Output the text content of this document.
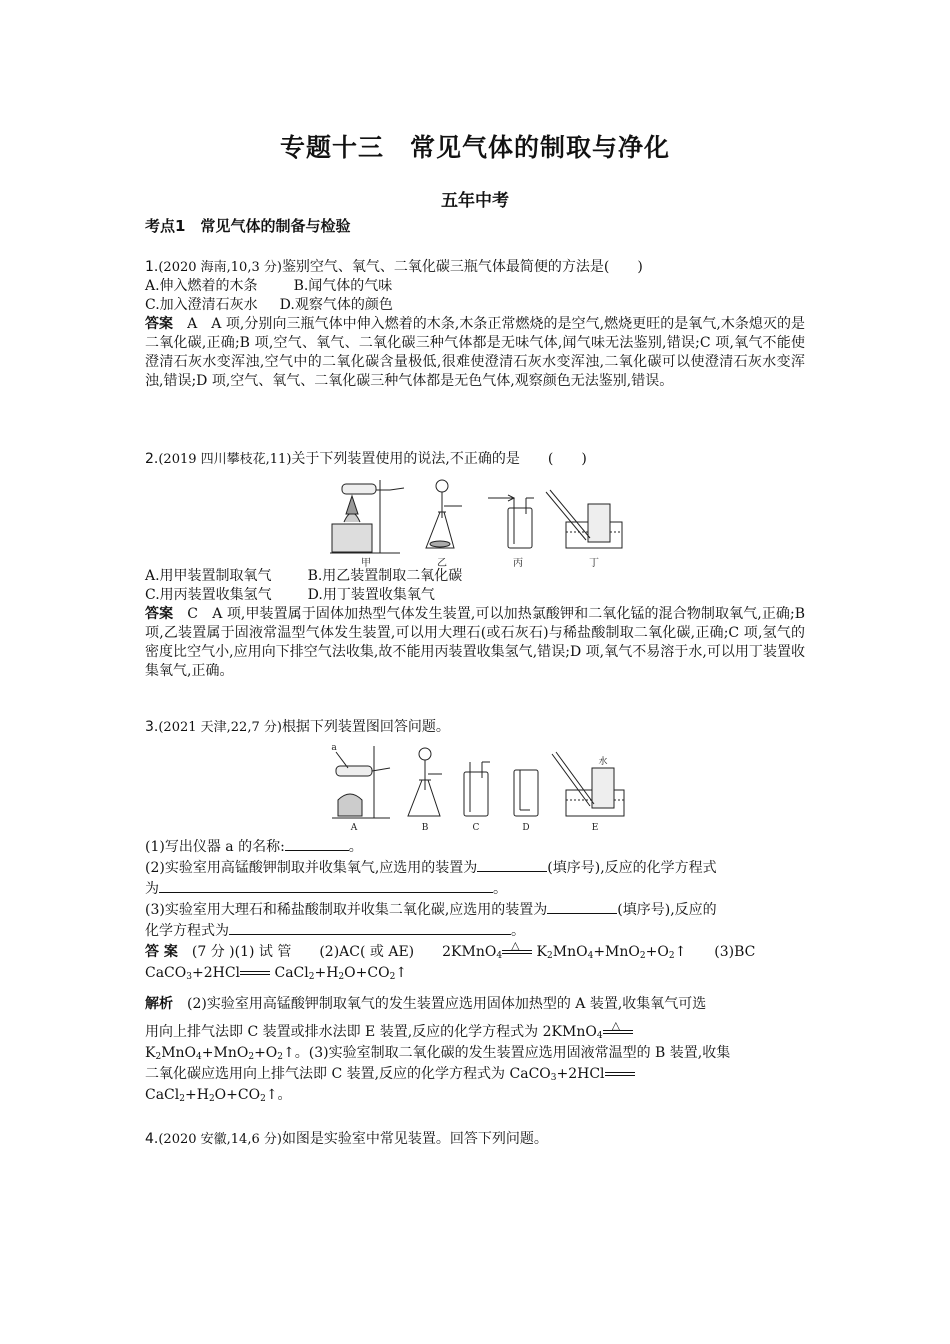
专题十三　常见气体的制取与净化
五年中考
考点1　常见气体的制备与检验

1.(2020 海南,10,3 分)鉴别空气、氧气、二氧化碳三瓶气体最简便的方法是(　　)

A.伸入燃着的木条	B.闻气体的气味

C.加入澄清石灰水 D.观察气体的颜色

答案　 A　 A 项,分别向三瓶气体中伸入燃着的木条,木条正常燃烧的是空气,燃烧更旺的是氧气,木条熄灭的是二氧化碳,正确;B 项,空气、氧气、二氧化碳三种气体都是无味气体,闻气味无法鉴别,错误;C 项,氧气不能使澄清石灰水变浑浊,空气中的二氧化碳含量极低,很难使澄清石灰水变浑浊,二氧化碳可以使澄清石灰水变浑浊,错误;D 项,空气、氧气、二氧化碳三种气体都是无色气体,观察颜色无法鉴别,错误。

2.(2019 四川攀枝花,11)关于下列装置使用的说法,不正确的是　　(　　)

甲	乙	丙	丁

A.用甲装置制取氧气	B.用乙装置制取二氧化碳

C.用丙装置收集氢气	D.用丁装置收集氧气

答案　 C　 A 项,甲装置属于固体加热型气体发生装置,可以加热氯酸钾和二氧化锰的混合物制取氧气,正确;B 项,乙装置属于固液常温型气体发生装置,可以用大理石(或石灰石)与稀盐酸制取二氧化碳,正确;C 项,氢气的密度比空气小,应用向下排空气法收集,故不能用丙装置收集氢气,错误;D 项,氧气不易溶于水,可以用丁装置收集氧气,正确。

3.(2021 天津,22,7 分)根据下列装置图回答问题。

a
水
A	B	C	D	E

(1)写出仪器 a 的名称:	。

(2)实验室用高锰酸钾制取并收集氧气,应选用的装置为	(填序号),反应的化学方程式

为	。

(3)实验室用大理石和稀盐酸制取并收集二氧化碳,应选用的装置为	(填序号),反应的

化学方程式为	。

答 案　 (7 分 )(1) 试 管　　(2)AC( 或 AE)　　2KMnO$_4$
△ $K_2MnO_4+MnO_2+O_2↑$　　(3)BC

CaCO$_3$+2HCl $CaCl_2+H_2O+CO_2↑$

解析　 (2)实验室用高锰酸钾制取氧气的发生装置应选用固体加热型的 A 装置,收集氧气可选

用向上排气法即 C 装置或排水法即 E 装置,反应的化学方程式为 2KMnO$_4$
△

$K_2MnO_4+MnO_2+O_2↑$。(3)实验室制取二氧化碳的发生装置应选用固液常温型的 B 装置,收集

二氧化碳应选用向上排气法即 C 装置,反应的化学方程式为 CaCO$_3$+2HCl

$CaCl_2+H_2O+CO_2↑$。

4.(2020 安徽,14,6 分)如图是实验室中常见装置。回答下列问题。
